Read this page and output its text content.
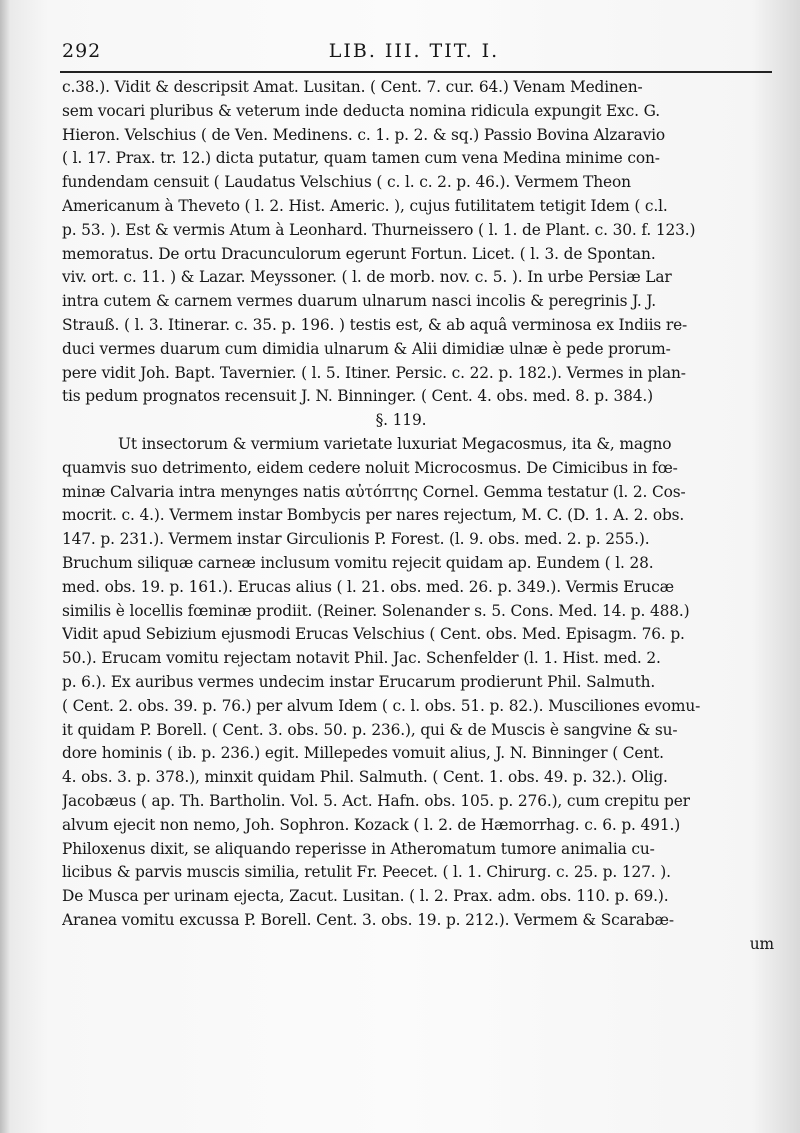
292	LIB. III. TIT. I.
c.38.). Vidit & descripsit Amat. Lusitan. ( Cent. 7. cur. 64.) Venam Medinen-
sem vocari pluribus & veterum inde deducta nomina ridicula expungit Exc. G.
Hieron. Velschius ( de Ven. Medinens. c. 1. p. 2. & sq.) Passio Bovina Alzaravio
( l. 17. Prax. tr. 12.) dicta putatur, quam tamen cum vena Medina minime con-
fundendam censuit ( Laudatus Velschius ( c. l. c. 2. p. 46.). Vermem Theon
Americanum à Theveto ( l. 2. Hist. Americ. ), cujus futilitatem tetigit Idem ( c.l.
p. 53. ). Est & vermis Atum à Leonhard. Thurneissero ( l. 1. de Plant. c. 30. f. 123.)
memoratus. De ortu Dracunculorum egerunt Fortun. Licet. ( l. 3. de Spontan.
viv. ort. c. 11. ) & Lazar. Meyssoner. ( l. de morb. nov. c. 5. ). In urbe Persiæ Lar
intra cutem & carnem vermes duarum ulnarum nasci incolis & peregrinis J. J.
Strauß. ( l. 3. Itinerar. c. 35. p. 196. ) testis est, & ab aquâ verminosa ex Indiis re-
duci vermes duarum cum dimidia ulnarum & Alii dimidiæ ulnæ è pede prorum-
pere vidit Joh. Bapt. Tavernier. ( l. 5. Itiner. Persic. c. 22. p. 182.). Vermes in plan-
tis pedum prognatos recensuit J. N. Binninger. ( Cent. 4. obs. med. 8. p. 384.)
§. 119.
Ut insectorum & vermium varietate luxuriat Megacosmus, ita &, magno
quamvis suo detrimento, eidem cedere noluit Microcosmus. De Cimicibus in fœ-
minæ Calvaria intra menynges natis αὐτόπτης Cornel. Gemma testatur (l. 2. Cos-
mocrit. c. 4.). Vermem instar Bombycis per nares rejectum, M. C. (D. 1. A. 2. obs.
147. p. 231.). Vermem instar Girculionis P. Forest. (l. 9. obs. med. 2. p. 255.).
Bruchum siliquæ carneæ inclusum vomitu rejecit quidam ap. Eundem ( l. 28.
med. obs. 19. p. 161.). Erucas alius ( l. 21. obs. med. 26. p. 349.). Vermis Erucæ
similis è locellis fœminæ prodiit. (Reiner. Solenander s. 5. Cons. Med. 14. p. 488.)
Vidit apud Sebizium ejusmodi Erucas Velschius ( Cent. obs. Med. Episagm. 76. p.
50.). Erucam vomitu rejectam notavit Phil. Jac. Schenfelder (l. 1. Hist. med. 2.
p. 6.). Ex auribus vermes undecim instar Erucarum prodierunt Phil. Salmuth.
( Cent. 2. obs. 39. p. 76.) per alvum Idem ( c. l. obs. 51. p. 82.). Musciliones evomu-
it quidam P. Borell. ( Cent. 3. obs. 50. p. 236.), qui & de Muscis è sangvine & su-
dore hominis ( ib. p. 236.) egit. Millepedes vomuit alius, J. N. Binninger ( Cent.
4. obs. 3. p. 378.), minxit quidam Phil. Salmuth. ( Cent. 1. obs. 49. p. 32.). Olig.
Jacobæus ( ap. Th. Bartholin. Vol. 5. Act. Hafn. obs. 105. p. 276.), cum crepitu per
alvum ejecit non nemo, Joh. Sophron. Kozack ( l. 2. de Hæmorrhag. c. 6. p. 491.)
Philoxenus dixit, se aliquando reperisse in Atheromatum tumore animalia cu-
licibus & parvis muscis similia, retulit Fr. Peecet. ( l. 1. Chirurg. c. 25. p. 127. ).
De Musca per urinam ejecta, Zacut. Lusitan. ( l. 2. Prax. adm. obs. 110. p. 69.).
Aranea vomitu excussa P. Borell. Cent. 3. obs. 19. p. 212.). Vermem & Scarabæ-
um
